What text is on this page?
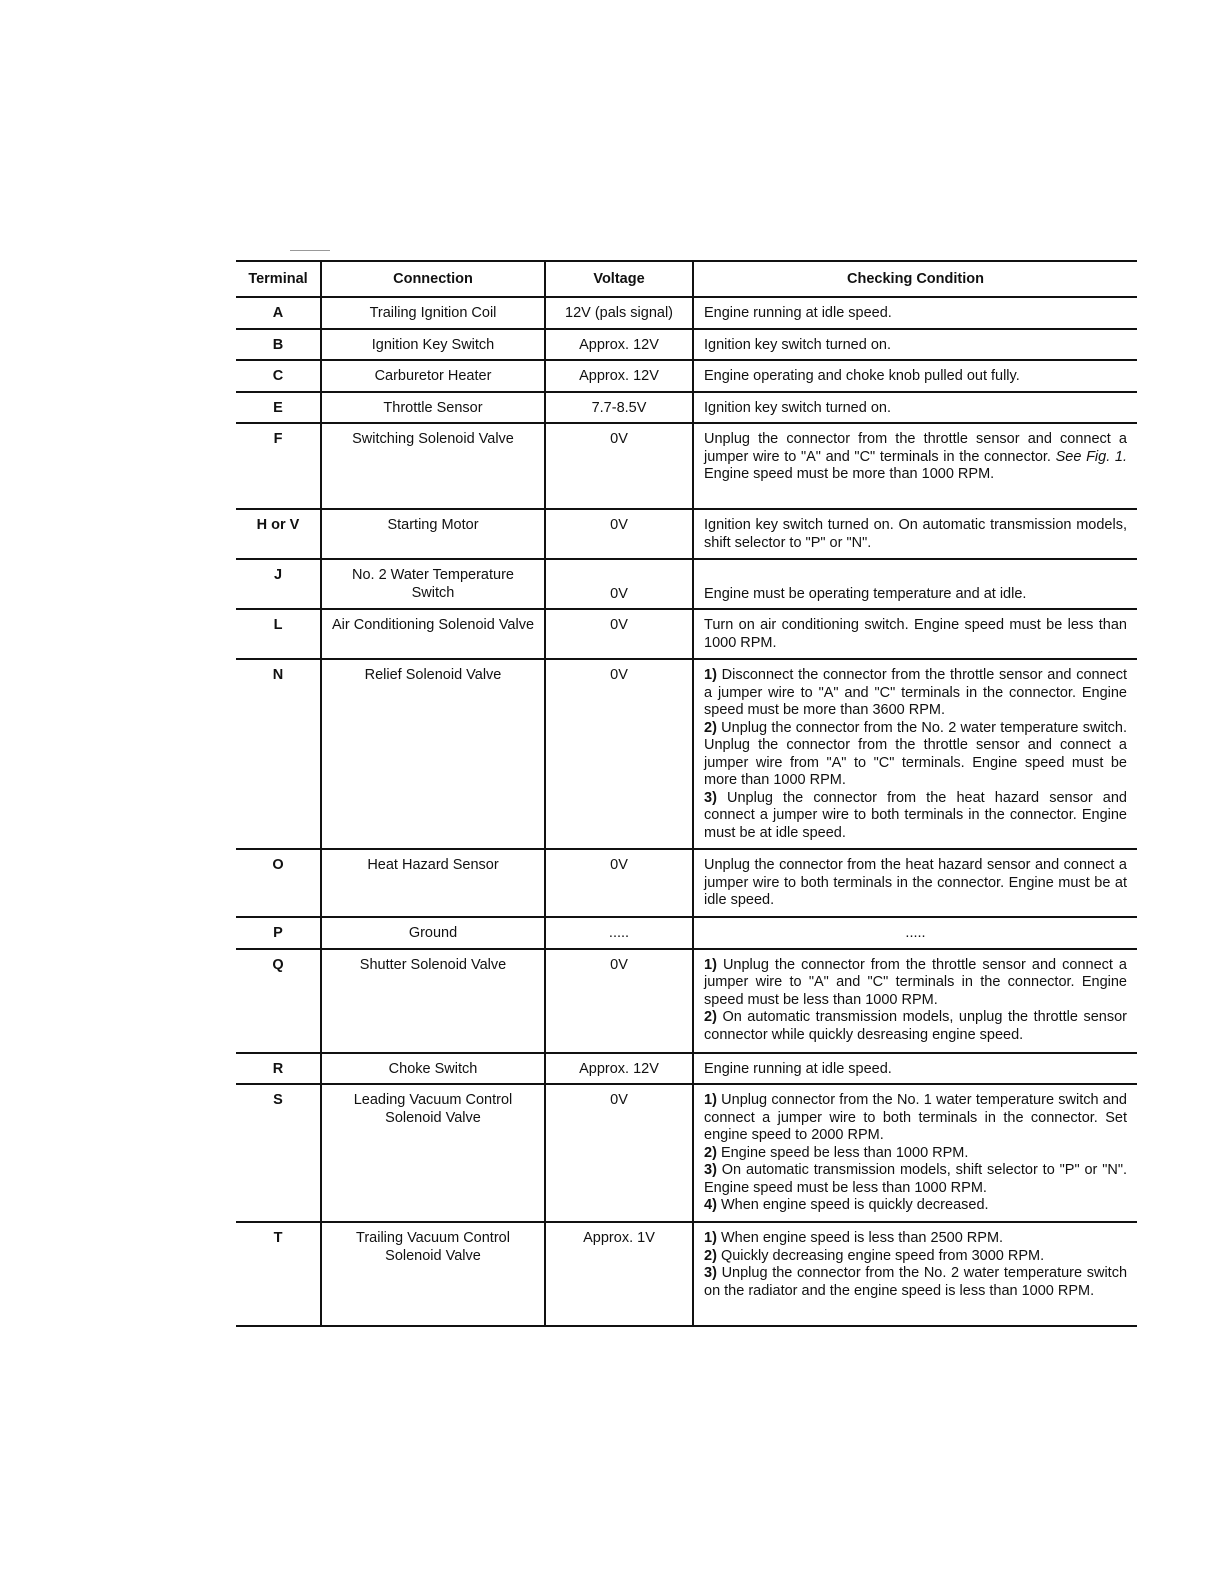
Terminal	Connection	Voltage	Checking Condition
A	Trailing Ignition Coil	12V (pals signal)	Engine running at idle speed.
B	Ignition Key Switch	Approx. 12V	Ignition key switch turned on.
C	Carburetor Heater	Approx. 12V	Engine operating and choke knob pulled out fully.
E	Throttle Sensor	7.7-8.5V	Ignition key switch turned on.
F	Switching Solenoid Valve	0V	Unplug the connector from the throttle sensor and connect a jumper wire to "A" and "C" terminals in the connector. See Fig. 1. Engine speed must be more than 1000 RPM.
H or V	Starting Motor	0V	Ignition key switch turned on. On automatic transmission models, shift selector to "P" or "N".
J	No. 2 Water Temperature Switch	0V	Engine must be operating temperature and at idle.
L	Air Conditioning Solenoid Valve	0V	Turn on air conditioning switch. Engine speed must be less than 1000 RPM.
N	Relief Solenoid Valve	0V	1) Disconnect the connector from the throttle sensor and connect a jumper wire to "A" and "C" terminals in the connector. Engine speed must be more than 3600 RPM.
2) Unplug the connector from the No. 2 water temperature switch. Unplug the connector from the throttle sensor and connect a jumper wire from "A" to "C" terminals. Engine speed must be more than 1000 RPM.
3) Unplug the connector from the heat hazard sensor and connect a jumper wire to both terminals in the connector. Engine must be at idle speed.

O	Heat Hazard Sensor	0V	Unplug the connector from the heat hazard sensor and connect a jumper wire to both terminals in the connector. Engine must be at idle speed.
P	Ground	.....	.....
Q	Shutter Solenoid Valve	0V	1) Unplug the connector from the throttle sensor and connect a jumper wire to "A" and "C" terminals in the connector. Engine speed must be less than 1000 RPM.
2) On automatic transmission models, unplug the throttle sensor connector while quickly desreasing engine speed.

R	Choke Switch	Approx. 12V	Engine running at idle speed.
S	Leading Vacuum Control Solenoid Valve	0V	1) Unplug connector from the No. 1 water temperature switch and connect a jumper wire to both terminals in the connector. Set engine speed to 2000 RPM.
2) Engine speed be less than 1000 RPM.
3) On automatic transmission models, shift selector to "P" or "N". Engine speed must be less than 1000 RPM.
4) When engine speed is quickly decreased.

T	Trailing Vacuum Control Solenoid Valve	Approx. 1V	1) When engine speed is less than 2500 RPM.
2) Quickly decreasing engine speed from 3000 RPM.
3) Unplug the connector from the No. 2 water temperature switch on the radiator and the engine speed is less than 1000 RPM.
